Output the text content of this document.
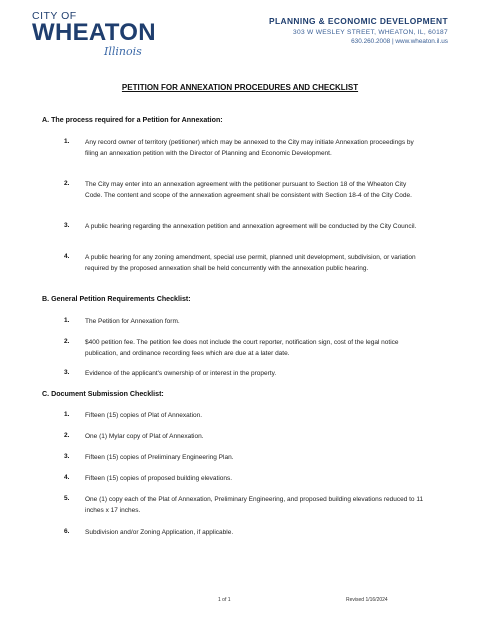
CITY OF
WHEATON
Illinois
PLANNING & ECONOMIC DEVELOPMENT
303 W WESLEY STREET, WHEATON, IL, 60187
630.260.2008 | www.wheaton.il.us
PETITION FOR ANNEXATION PROCEDURES AND CHECKLIST
A. The process required for a Petition for Annexation:
1. Any record owner of territory (petitioner) which may be annexed to the City may initiate Annexation proceedings by filing an annexation petition with the Director of Planning and Economic Development.
2. The City may enter into an annexation agreement with the petitioner pursuant to Section 18 of the Wheaton City Code. The content and scope of the annexation agreement shall be consistent with Section 18-4 of the City Code.
3. A public hearing regarding the annexation petition and annexation agreement will be conducted by the City Council.
4. A public hearing for any zoning amendment, special use permit, planned unit development, subdivision, or variation required by the proposed annexation shall be held concurrently with the annexation public hearing.
B. General Petition Requirements Checklist:
1. The Petition for Annexation form.
2. $400 petition fee. The petition fee does not include the court reporter, notification sign, cost of the legal notice publication, and ordinance recording fees which are due at a later date.
3. Evidence of the applicant's ownership of or interest in the property.
C. Document Submission Checklist:
1. Fifteen (15) copies of Plat of Annexation.
2. One (1) Mylar copy of Plat of Annexation.
3. Fifteen (15) copies of Preliminary Engineering Plan.
4. Fifteen (15) copies of proposed building elevations.
5. One (1) copy each of the Plat of Annexation, Preliminary Engineering, and proposed building elevations reduced to 11 inches x 17 inches.
6. Subdivision and/or Zoning Application, if applicable.
1 of 1	Revised 1/16/2024
